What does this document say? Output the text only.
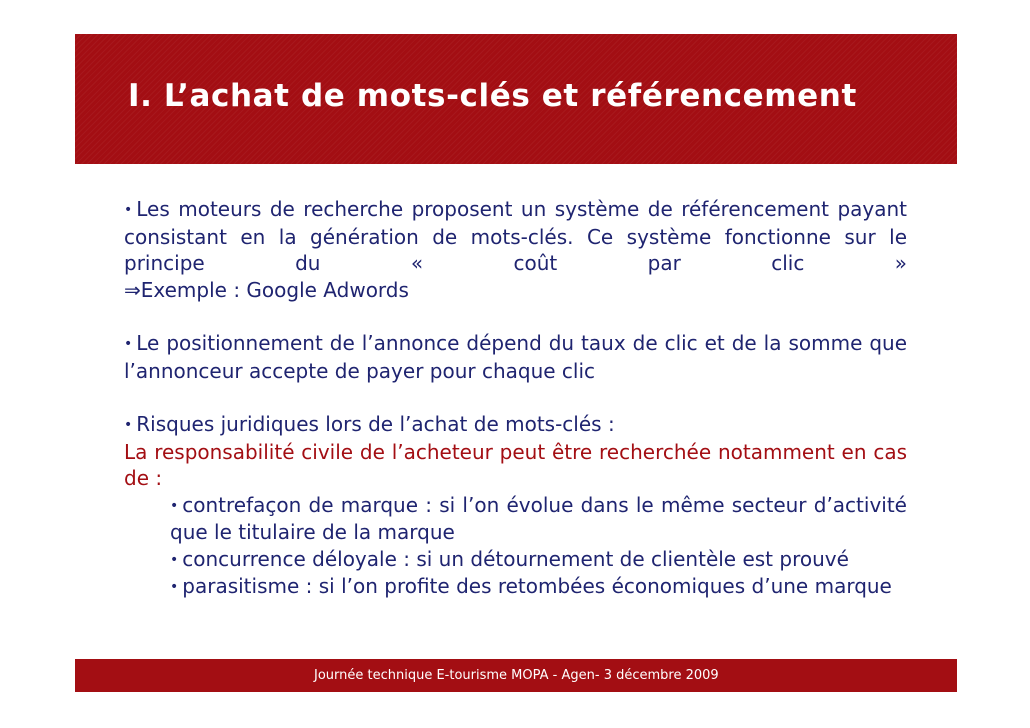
I. L’achat de mots-clés et référencement

• Les moteurs de recherche proposent un système de référencement payant consistant en la génération de mots-clés. Ce système fonctionne sur le principe du « coût par clic »

⇒Exemple : Google Adwords

• Le positionnement de l’annonce dépend du taux de clic et de la somme que l’annonceur accepte de payer pour chaque clic

• Risques juridiques lors de l’achat de mots-clés :

La responsabilité civile de l’acheteur peut être recherchée notamment en cas de :

• contrefaçon de marque : si l’on évolue dans le même secteur d’activité que le titulaire de la marque

• concurrence déloyale : si un détournement de clientèle est prouvé

• parasitisme : si l’on profite des retombées économiques d’une marque

Journée technique E-tourisme MOPA - Agen- 3 décembre 2009
